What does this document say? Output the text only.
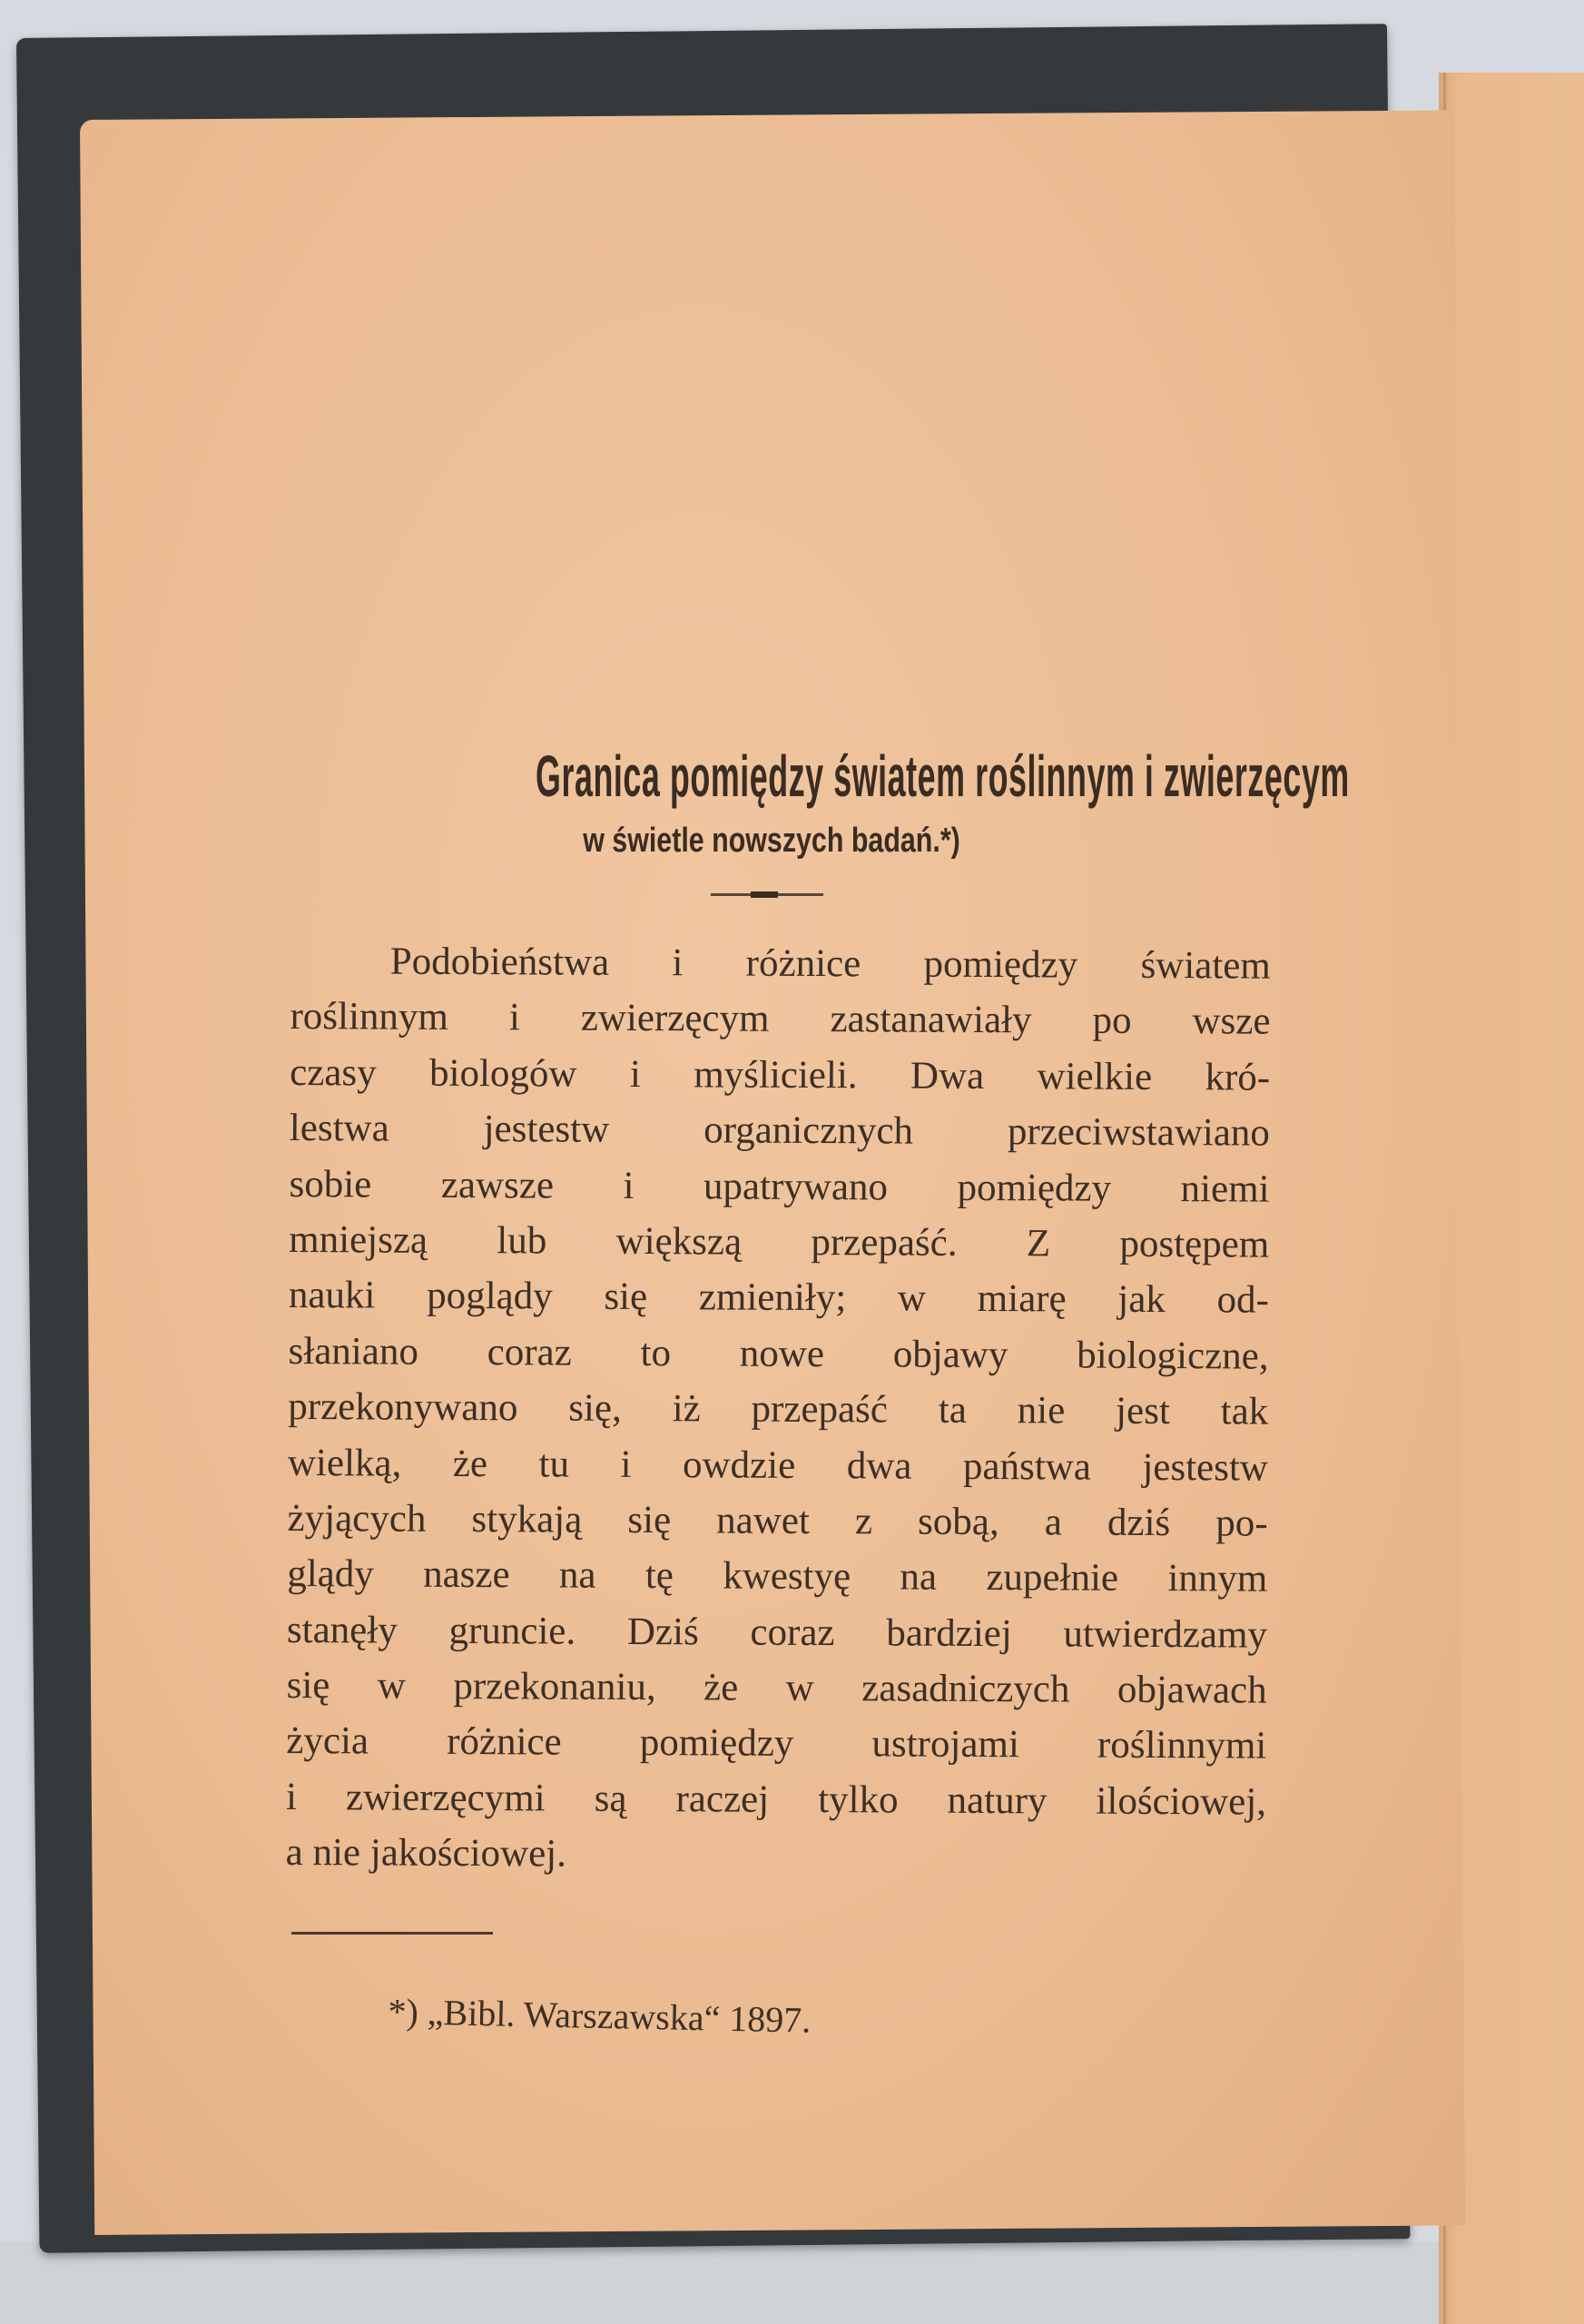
Granica pomiędzy światem roślinnym i zwierzęcym
w świetle nowszych badań.*)
Podobieństwa i różnice pomiędzy światem
roślinnym i zwierzęcym zastanawiały po wsze
czasy biologów i myślicieli. Dwa wielkie kró-
lestwa jestestw organicznych przeciwstawiano
sobie zawsze i upatrywano pomiędzy niemi
mniejszą lub większą przepaść. Z postępem
nauki poglądy się zmieniły; w miarę jak od-
słaniano coraz to nowe objawy biologiczne,
przekonywano się, iż przepaść ta nie jest tak
wielką, że tu i owdzie dwa państwa jestestw
żyjących stykają się nawet z sobą, a dziś po-
glądy nasze na tę kwestyę na zupełnie innym
stanęły gruncie. Dziś coraz bardziej utwierdzamy
się w przekonaniu, że w zasadniczych objawach
życia różnice pomiędzy ustrojami roślinnymi
i zwierzęcymi są raczej tylko natury ilościowej,
a nie jakościowej.
*) „Bibl. Warszawska“ 1897.
